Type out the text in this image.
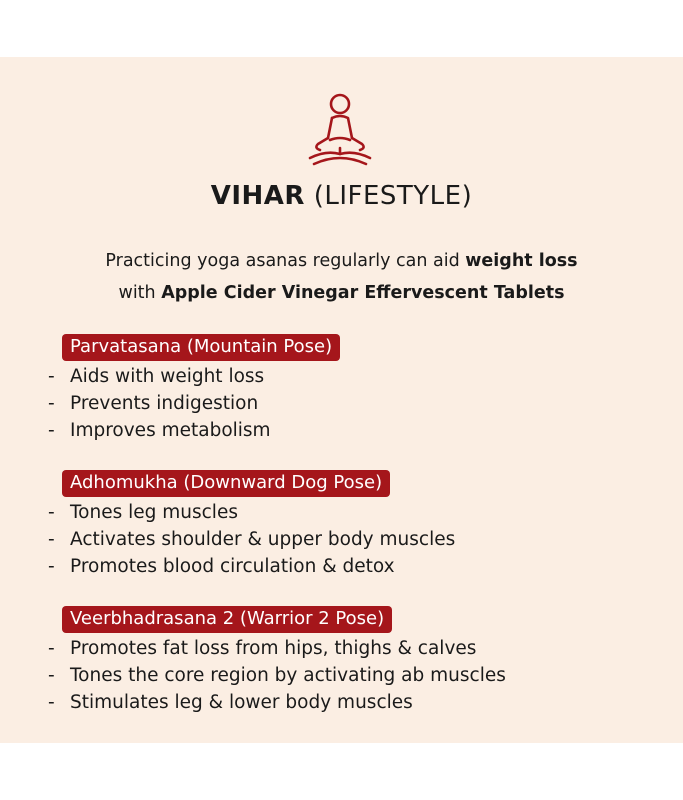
VIHAR (LIFESTYLE)
Practicing yoga asanas regularly can aid weight loss
with Apple Cider Vinegar Effervescent Tablets
Parvatasana (Mountain Pose)
- Aids with weight loss
- Prevents indigestion
- Improves metabolism
Adhomukha (Downward Dog Pose)
- Tones leg muscles
- Activates shoulder & upper body muscles
- Promotes blood circulation & detox
Veerbhadrasana 2 (Warrior 2 Pose)
- Promotes fat loss from hips, thighs & calves
- Tones the core region by activating ab muscles
- Stimulates leg & lower body muscles
